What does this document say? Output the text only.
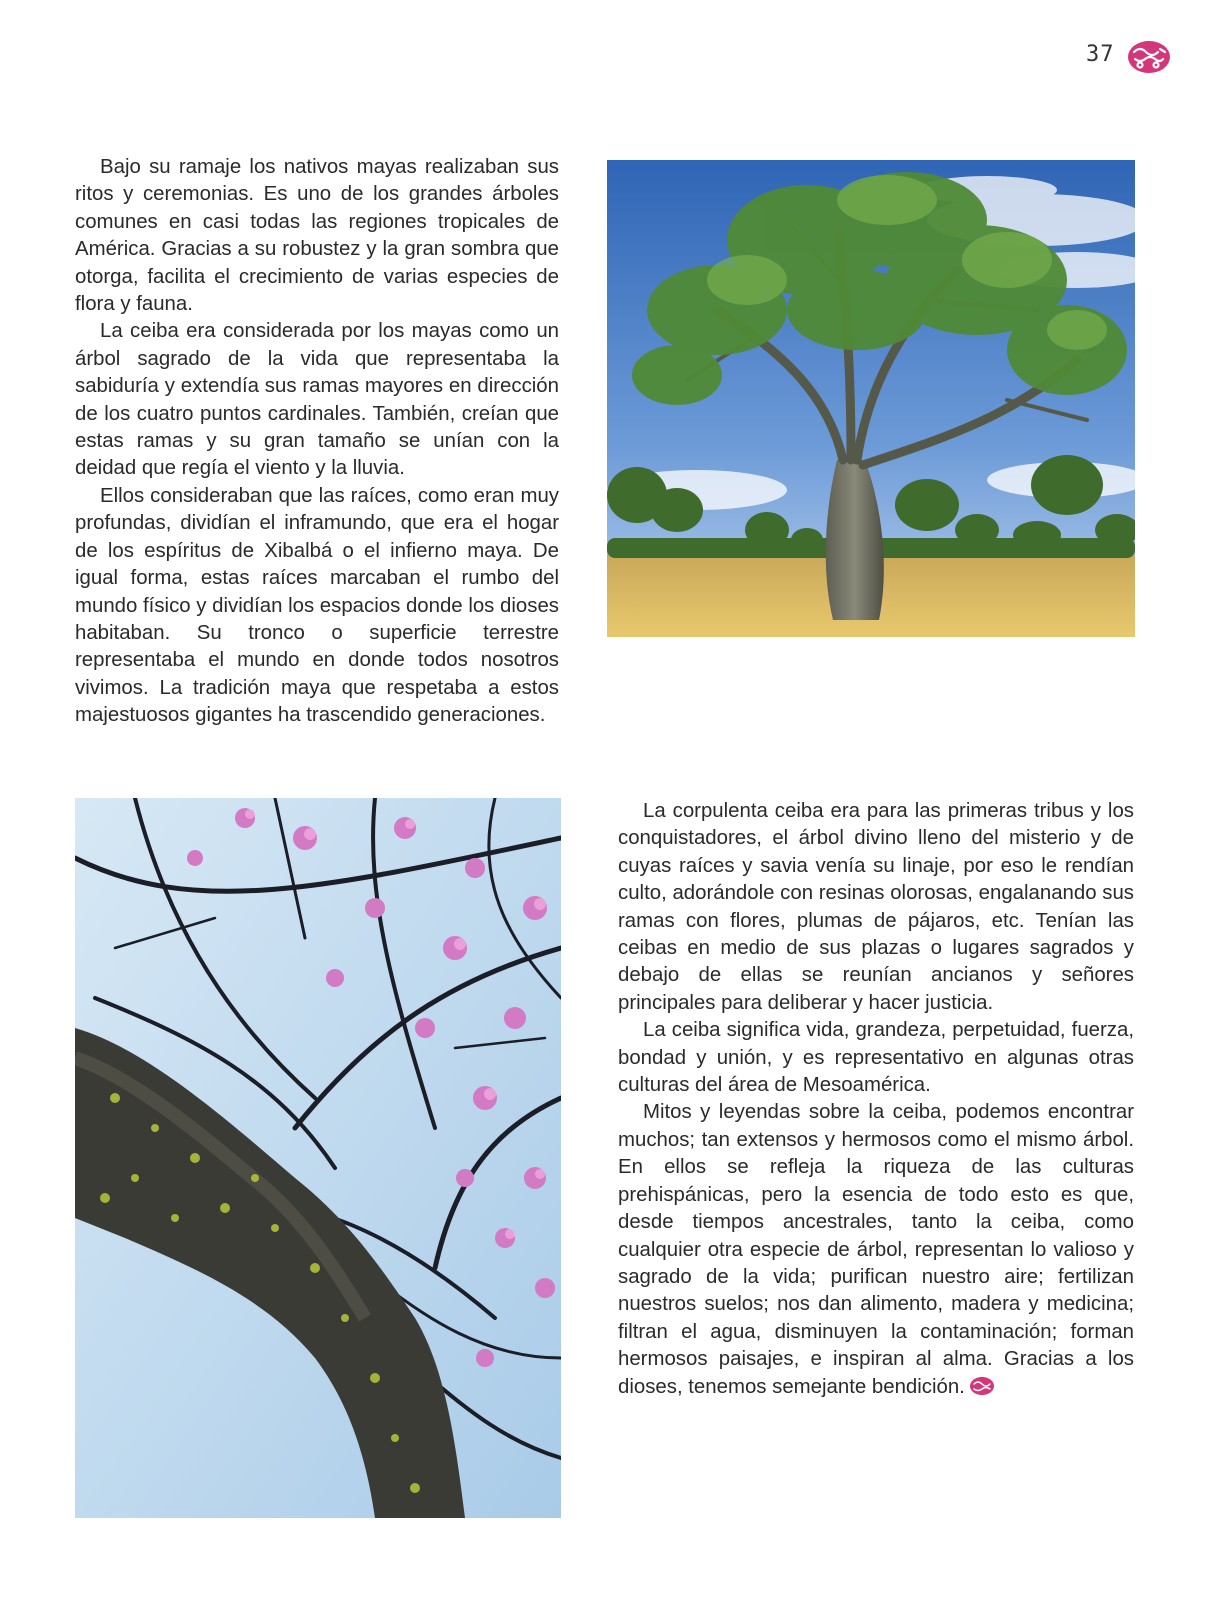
37

Bajo su ramaje los nativos mayas realizaban sus ritos y ceremonias. Es uno de los grandes árboles comunes en casi todas las regiones tropicales de América. Gracias a su robustez y la gran sombra que otorga, facilita el crecimiento de varias especies de flora y fauna.

La ceiba era considerada por los mayas como un árbol sagrado de la vida que representaba la sabiduría y extendía sus ramas mayores en dirección de los cuatro puntos cardinales. También, creían que estas ramas y su gran tamaño se unían con la deidad que regía el viento y la lluvia.

Ellos consideraban que las raíces, como eran muy profundas, dividían el inframundo, que era el hogar de los espíritus de Xibalbá o el infierno maya. De igual forma, estas raíces marcaban el rumbo del mundo físico y dividían los espacios donde los dioses habitaban. Su tronco o superficie terrestre representaba el mundo en donde todos nosotros vivimos. La tradición maya que respetaba a estos majestuosos gigantes ha trascendido generaciones.

La corpulenta ceiba era para las primeras tribus y los conquistadores, el árbol divino lleno del misterio y de cuyas raíces y savia venía su linaje, por eso le rendían culto, adorándole con resinas olorosas, engalanando sus ramas con flores, plumas de pájaros, etc. Tenían las ceibas en medio de sus plazas o lugares sagrados y debajo de ellas se reunían ancianos y señores principales para deliberar y hacer justicia.

La ceiba significa vida, grandeza, perpetuidad, fuerza, bondad y unión, y es representativo en algunas otras culturas del área de Mesoamérica.

Mitos y leyendas sobre la ceiba, podemos encontrar muchos; tan extensos y hermosos como el mismo árbol. En ellos se refleja la riqueza de las culturas prehispánicas, pero la esencia de todo esto es que, desde tiempos ancestrales, tanto la ceiba, como cualquier otra especie de árbol, representan lo valioso y sagrado de la vida; purifican nuestro aire; fertilizan nuestros suelos; nos dan alimento, madera y medicina; filtran el agua, disminuyen la contaminación; forman hermosos paisajes, e inspiran al alma. Gracias a los dioses, tenemos semejante bendición.
